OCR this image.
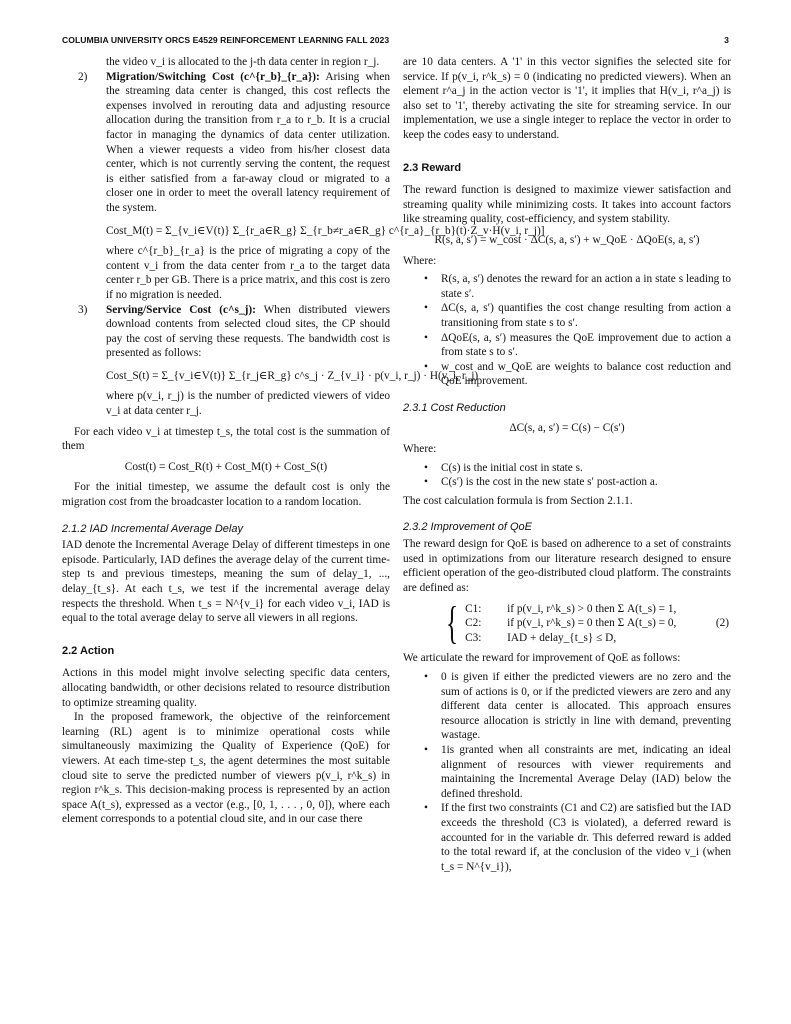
COLUMBIA UNIVERSITY ORCS E4529 REINFORCEMENT LEARNING FALL 2023	3

the video v_i is allocated to the j-th data center in region r_j.

2) Migration/Switching Cost (c^{r_b}_{r_a}): Arising when the streaming data center is changed, this cost reflects the expenses involved in rerouting data and adjusting resource allocation during the transition from r_a to r_b. It is a crucial factor in managing the dynamics of data center utilization. When a viewer requests a video from his/her closest data center, which is not currently serving the content, the request is either satisfied from a far-away cloud or migrated to a closer one in order to meet the overall latency requirement of the system.
Cost_M(t) = Σ_{v_i∈V(t)} Σ_{r_a∈R_g} Σ_{r_b≠r_a∈R_g} c^{r_a}_{r_b}(t)·Z_v·H(v_i, r_j)]

where c^{r_b}_{r_a} is the price of migrating a copy of the content v_i from the data center from r_a to the target data center r_b per GB. There is a price matrix, and this cost is zero if no migration is needed.

3) Serving/Service Cost (c^s_j): When distributed viewers download contents from selected cloud sites, the CP should pay the cost of serving these requests. The bandwidth cost is presented as follows:
Cost_S(t) = Σ_{v_i∈V(t)} Σ_{r_j∈R_g} c^s_j · Z_{v_i} · p(v_i, r_j) · H(v_i, r_j)

where p(v_i, r_j) is the number of predicted viewers of video v_i at data center r_j.

For each video v_i at timestep t_s, the total cost is the summation of them

Cost(t) = Cost_R(t) + Cost_M(t) + Cost_S(t)

For the initial timestep, we assume the default cost is only the migration cost from the broadcaster location to a random location.

2.1.2 IAD Incremental Average Delay

IAD denote the Incremental Average Delay of different timesteps in one episode. Particularly, IAD defines the average delay of the current time-step ts and previous timesteps, meaning the sum of delay_1, ..., delay_{t_s}. At each t_s, we test if the incremental average delay respects the threshold. When t_s = N^{v_i} for each video v_i, IAD is equal to the total average delay to serve all viewers in all regions.

2.2 Action

Actions in this model might involve selecting specific data centers, allocating bandwidth, or other decisions related to resource distribution to optimize streaming quality.

In the proposed framework, the objective of the reinforcement learning (RL) agent is to minimize operational costs while simultaneously maximizing the Quality of Experience (QoE) for viewers. At each time-step t_s, the agent determines the most suitable cloud site to serve the predicted number of viewers p(v_i, r^k_s) in region r^k_s. This decision-making process is represented by an action space A(t_s), expressed as a vector (e.g., [0, 1, . . . , 0, 0]), where each element corresponds to a potential cloud site, and in our case there

are 10 data centers. A '1' in this vector signifies the selected site for service. If p(v_i, r^k_s) = 0 (indicating no predicted viewers). When an element r^a_j in the action vector is '1', it implies that H(v_i, r^a_j) is also set to '1', thereby activating the site for streaming service. In our implementation, we use a single integer to replace the vector in order to keep the codes easy to understand.

2.3 Reward

The reward function is designed to maximize viewer satisfaction and streaming quality while minimizing costs. It takes into account factors like streaming quality, cost-efficiency, and system stability.

R(s, a, s′) = w_cost · ΔC(s, a, s′) + w_QoE · ΔQoE(s, a, s′)

Where:

• R(s, a, s′) denotes the reward for an action a in state s leading to state s′.
• ΔC(s, a, s′) quantifies the cost change resulting from action a transitioning from state s to s′.
• ΔQoE(s, a, s′) measures the QoE improvement due to action a from state s to s′.
• w_cost and w_QoE are weights to balance cost reduction and QoE improvement.
2.3.1 Cost Reduction
ΔC(s, a, s′) = C(s) − C(s′)

Where:

• C(s) is the initial cost in state s.
• C(s′) is the cost in the new state s′ post-action a.

The cost calculation formula is from Section 2.1.1.

2.3.2 Improvement of QoE

The reward design for QoE is based on adherence to a set of constraints used in optimizations from our literature research designed to ensure efficient operation of the geo-distributed cloud platform. The constraints are defined as:

{ C1: if p(v_i, r^k_s) > 0 then Σ A(t_s) = 1,
C2: if p(v_i, r^k_s) = 0 then Σ A(t_s) = 0,
C3: IAD + delay_{t_s} ≤ D,
(2)

We articulate the reward for improvement of QoE as follows:

• 0 is given if either the predicted viewers are no zero and the sum of actions is 0, or if the predicted viewers are zero and any different data center is allocated. This approach ensures resource allocation is strictly in line with demand, preventing wastage.
• 1is granted when all constraints are met, indicating an ideal alignment of resources with viewer requirements and maintaining the Incremental Average Delay (IAD) below the defined threshold.
• If the first two constraints (C1 and C2) are satisfied but the IAD exceeds the threshold (C3 is violated), a deferred reward is accounted for in the variable dr. This deferred reward is added to the total reward if, at the conclusion of the video v_i (when t_s = N^{v_i}),
